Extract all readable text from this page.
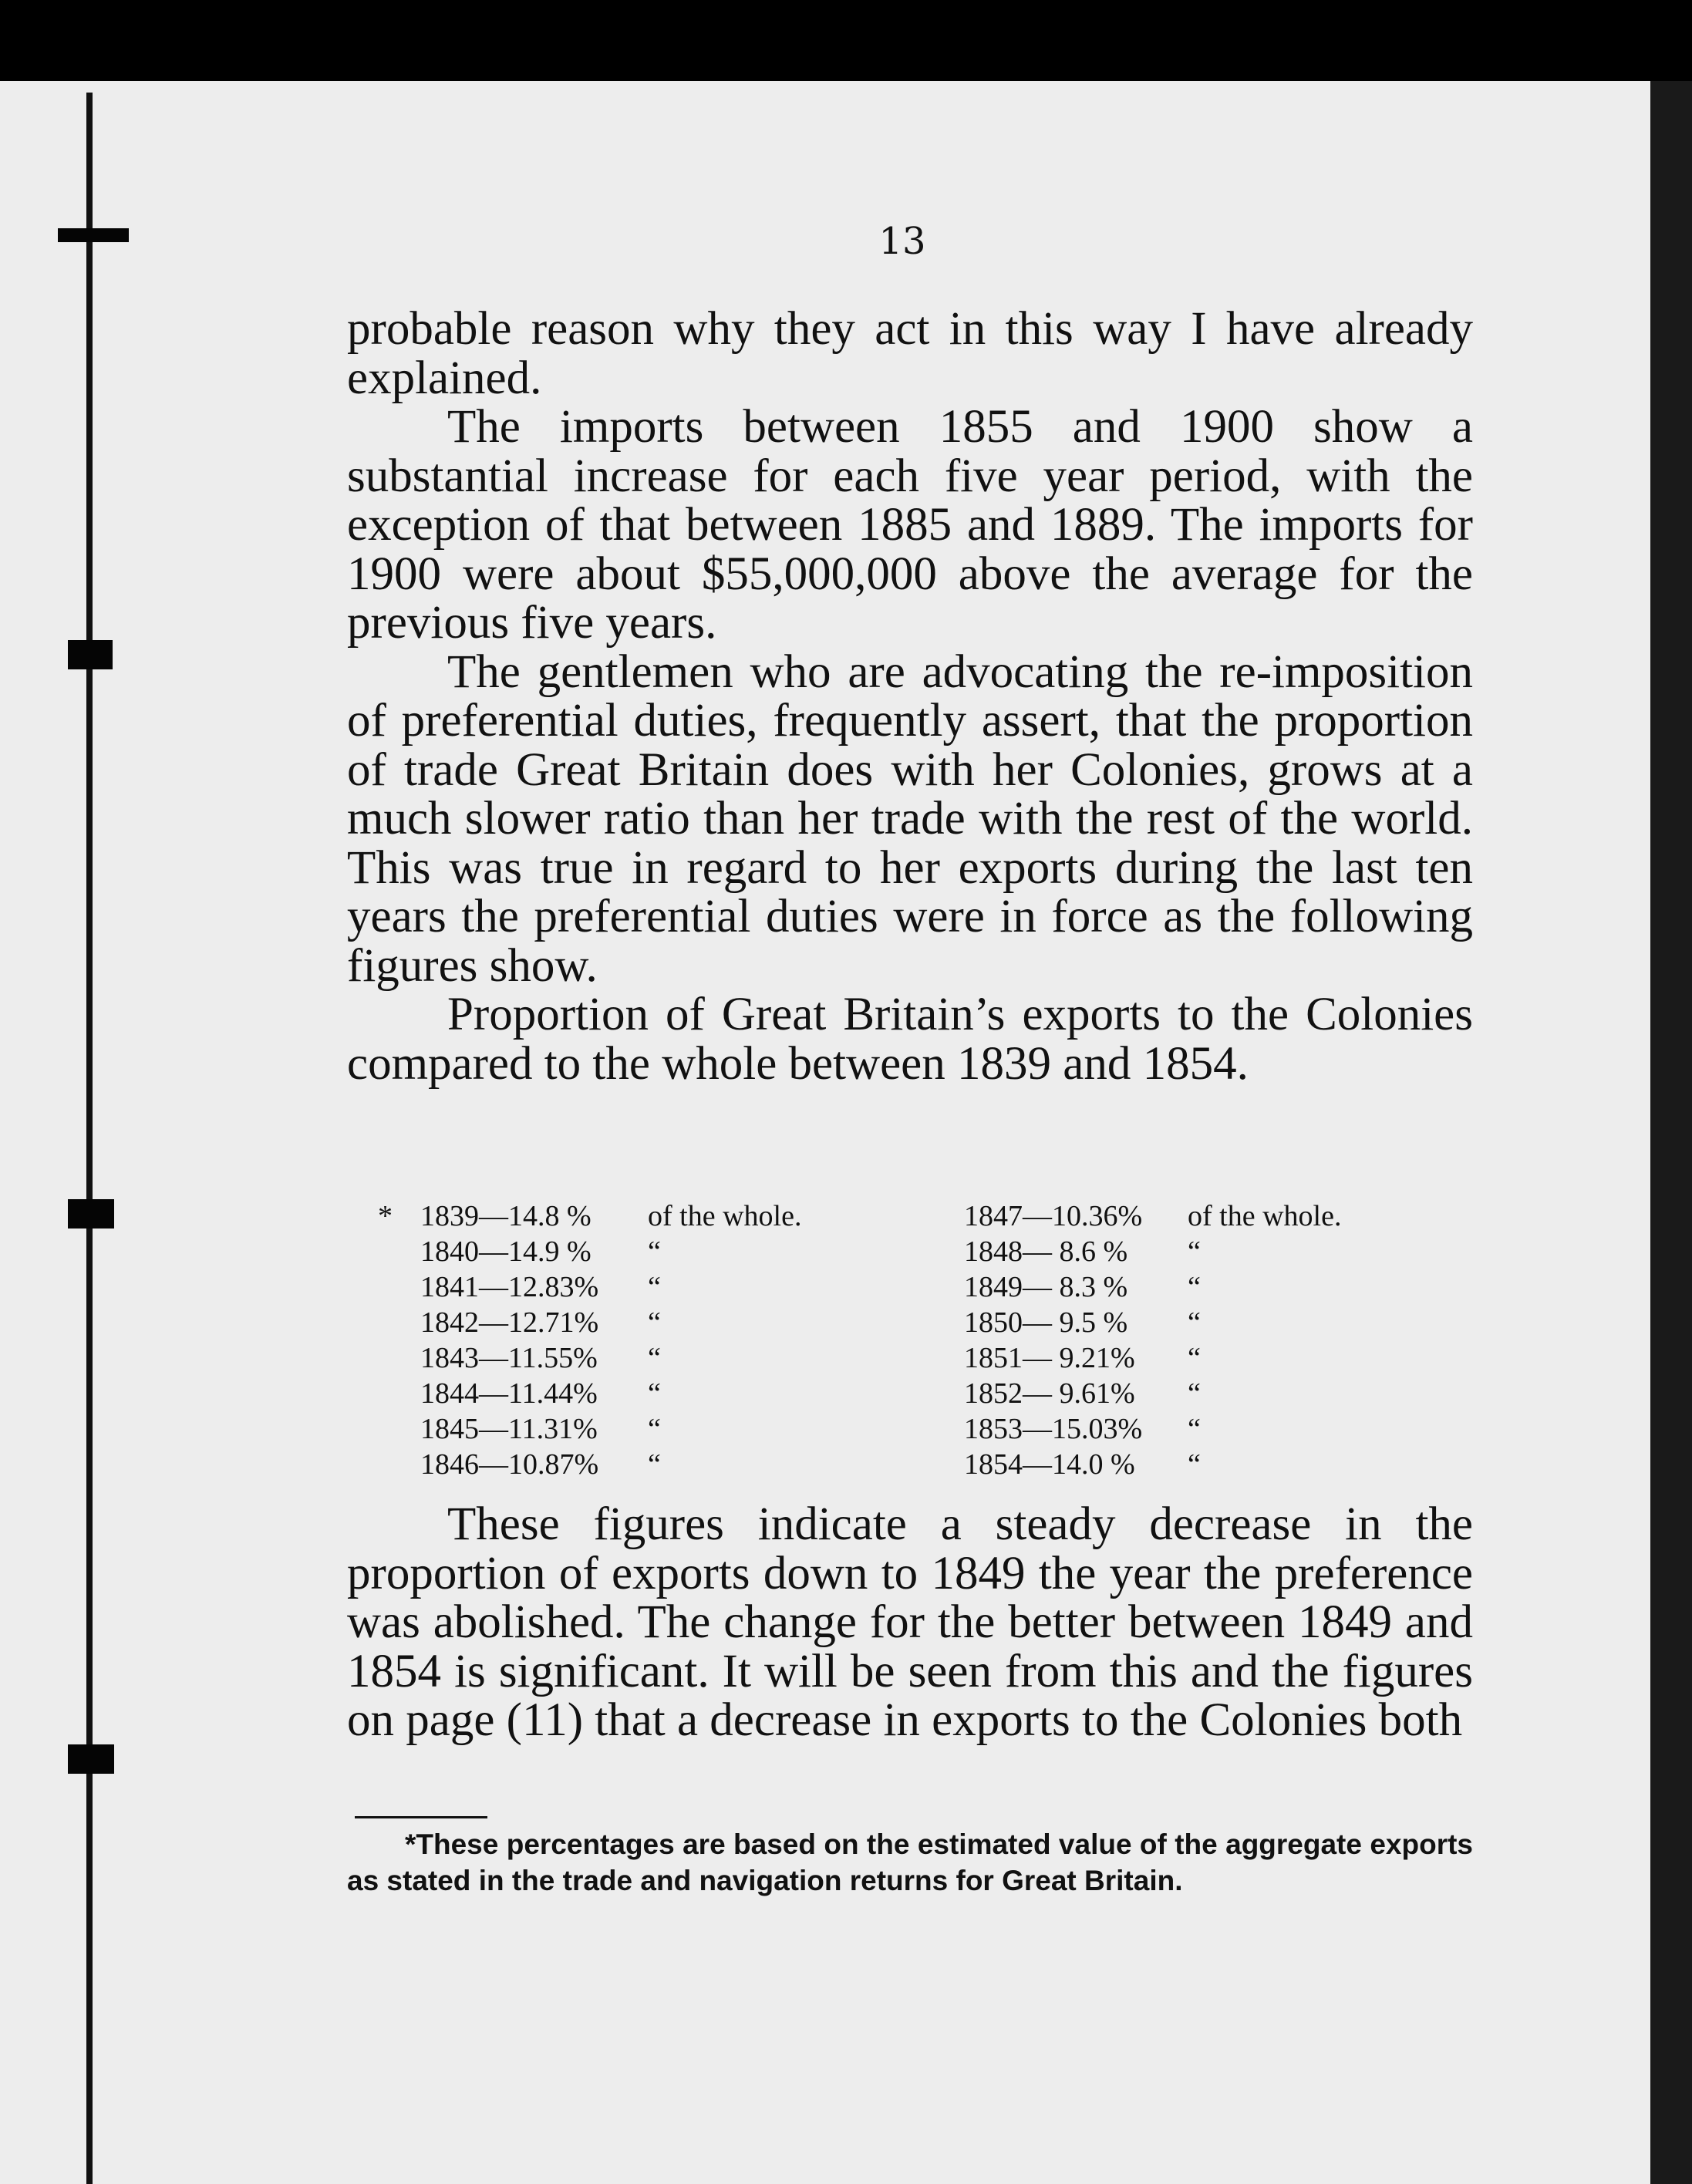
13

probable reason why they act in this way I have already explained.

The imports between 1855 and 1900 show a substantial increase for each five year period, with the exception of that between 1885 and 1889. The imports for 1900 were about $55,000,000 above the average for the previous five years.

The gentlemen who are advocating the re-imposition of preferential duties, frequently assert, that the proportion of trade Great Britain does with her Colonies, grows at a much slower ratio than her trade with the rest of the world. This was true in regard to her exports during the last ten years the preferential duties were in force as the following figures show.

Proportion of Great Britain’s exports to the Colonies compared to the whole between 1839 and 1854.

* 1839—14.8 % of the whole.	1847—10.36% of the whole.
1840—14.9 % “	1848— 8.6 % “
1841—12.83% “	1849— 8.3 % “
1842—12.71% “	1850— 9.5 % “
1843—11.55% “	1851— 9.21% “
1844—11.44% “	1852— 9.61% “
1845—11.31% “	1853—15.03% “
1846—10.87% “	1854—14.0 % “

These figures indicate a steady decrease in the proportion of exports down to 1849 the year the preference was abolished. The change for the better between 1849 and 1854 is significant. It will be seen from this and the figures on page (11) that a decrease in exports to the Colonies both

*These percentages are based on the estimated value of the aggregate exports as stated in the trade and navigation returns for Great Britain.
